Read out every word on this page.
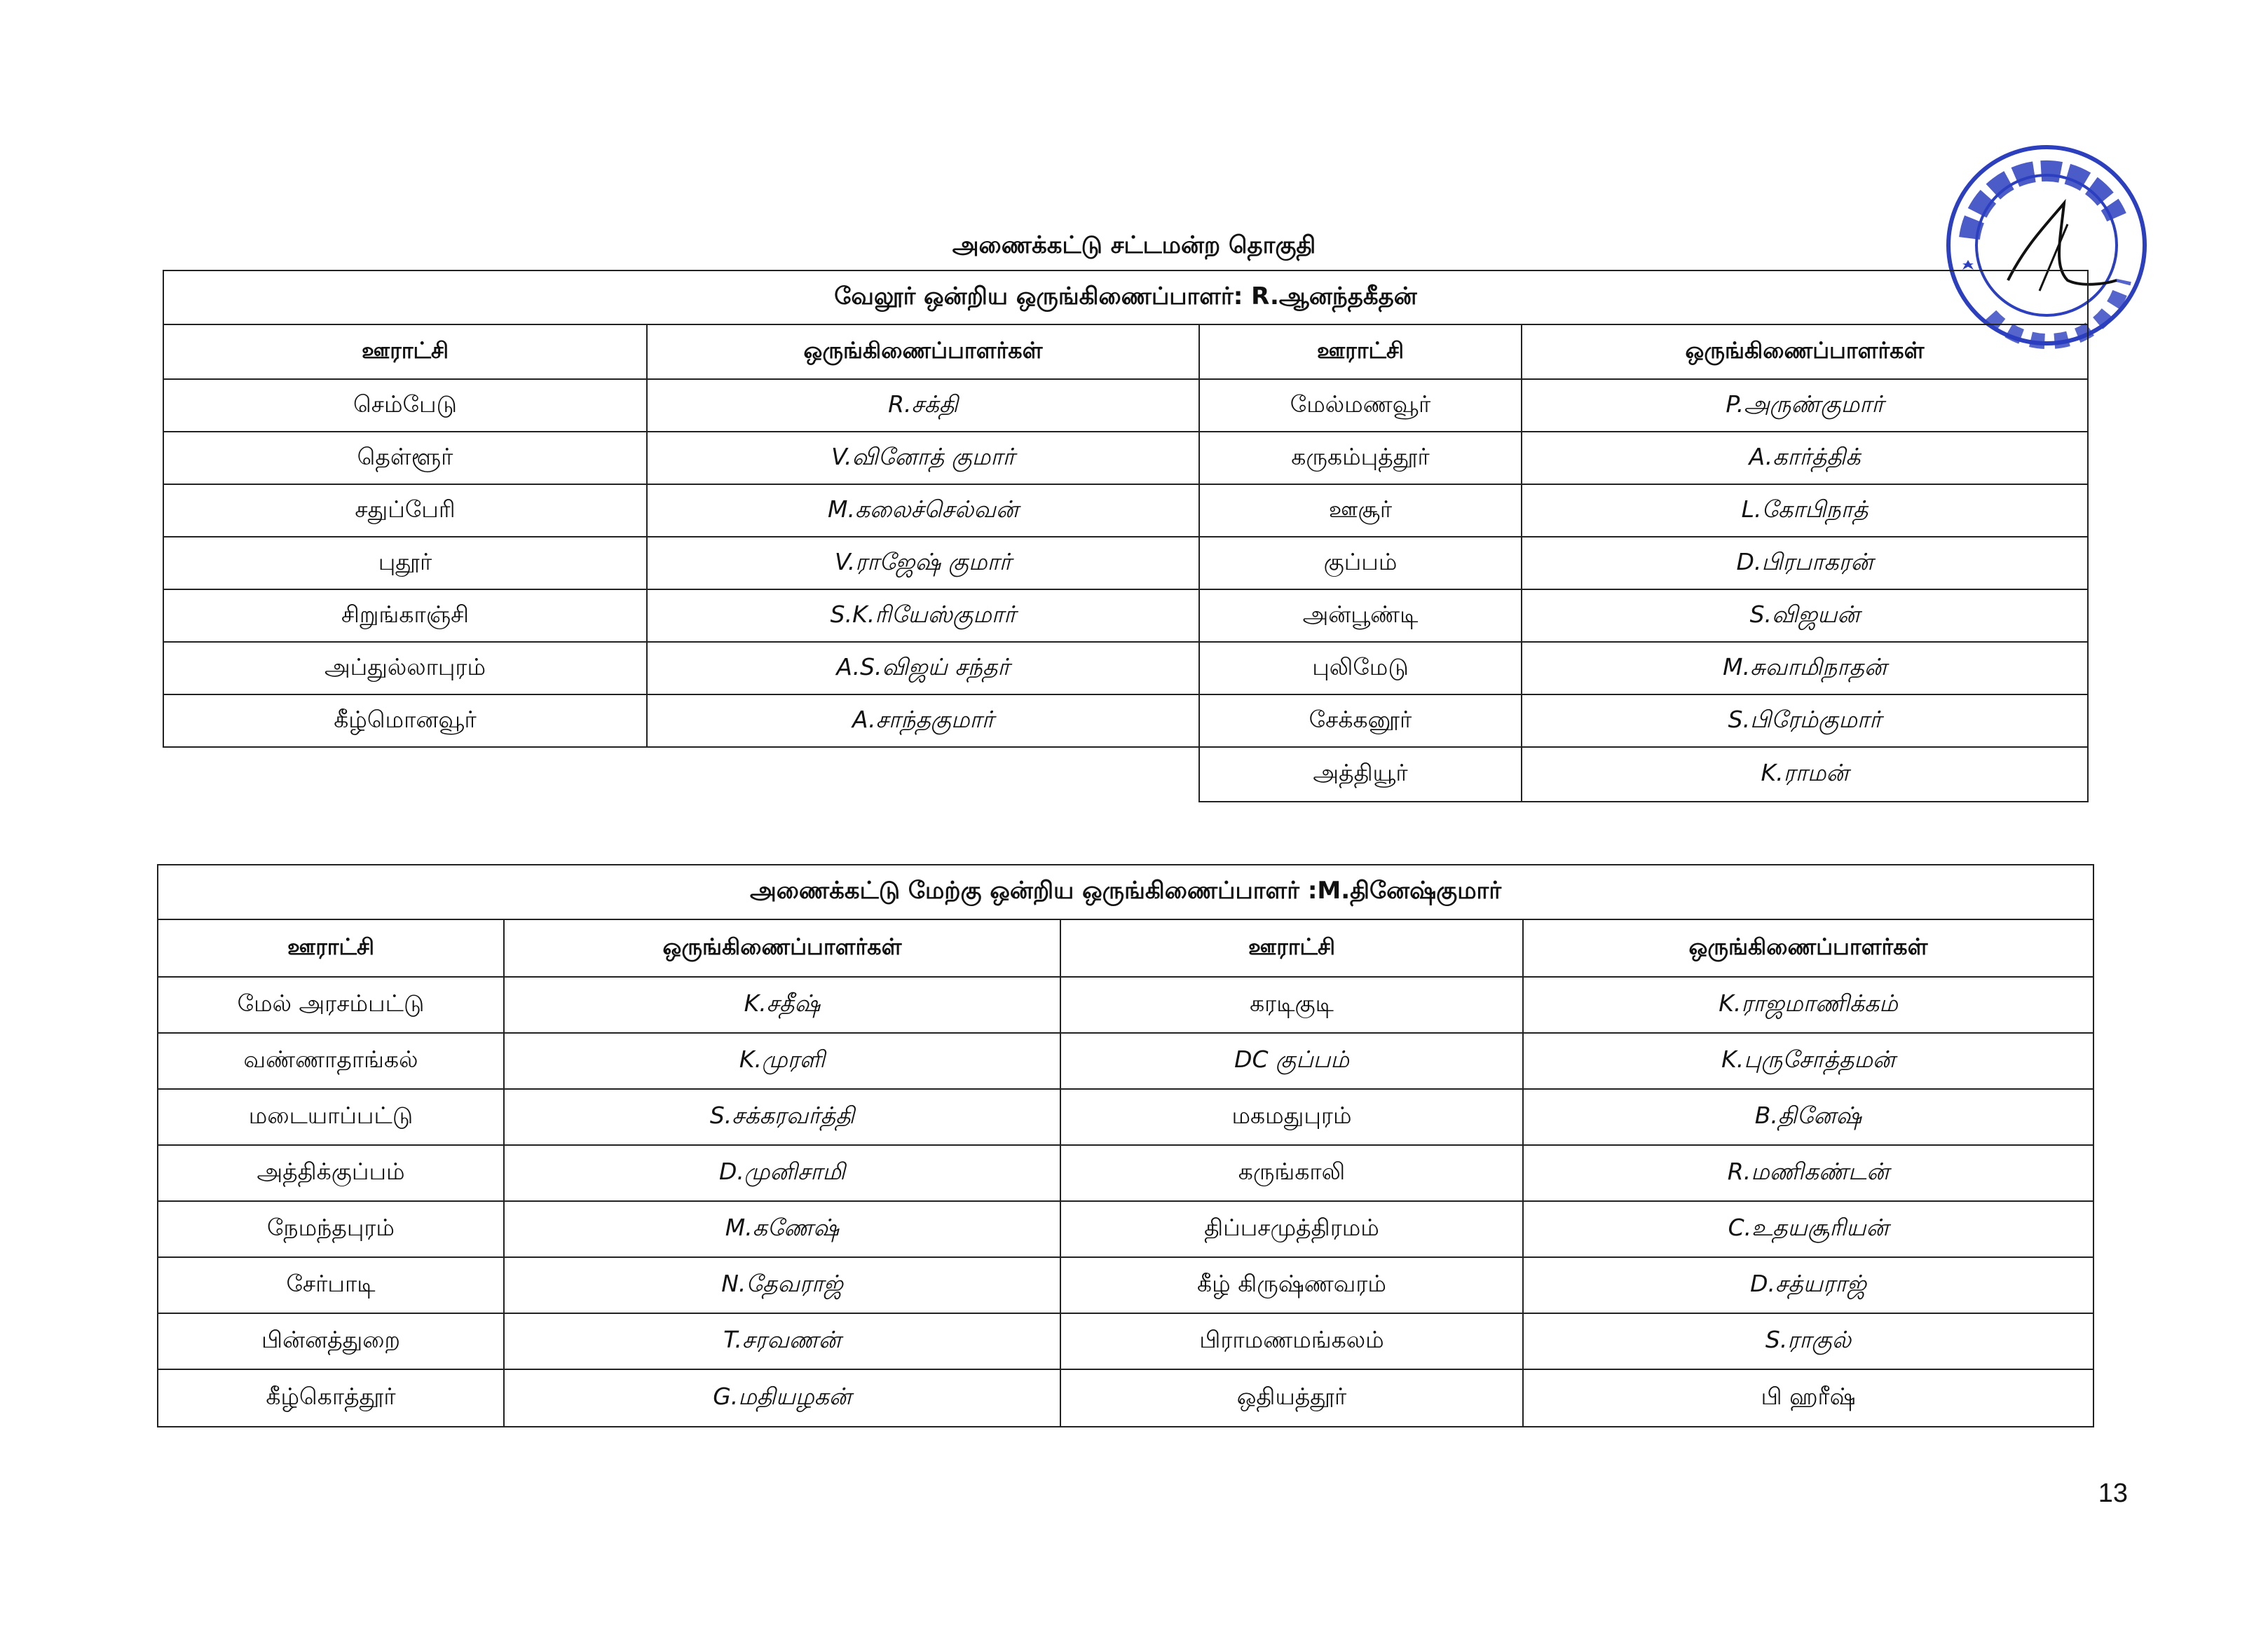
அணைக்கட்டு சட்டமன்ற தொகுதி
வேலூர் ஒன்றிய ஒருங்கிணைப்பாளர்: R.ஆனந்தகீதன்			
ஊராட்சி	ஒருங்கிணைப்பாளர்கள்	ஊராட்சி	ஒருங்கிணைப்பாளர்கள்
செம்பேடு	R.சக்தி	மேல்மணவூர்	P.அருண்குமார்
தெள்ளூர்	V.வினோத் குமார்	கருகம்புத்தூர்	A.கார்த்திக்
சதுப்பேரி	M.கலைச்செல்வன்	ஊசூர்	L.கோபிநாத்
புதூர்	V.ராஜேஷ் குமார்	குப்பம்	D.பிரபாகரன்
சிறுங்காஞ்சி	S.K.ரியேஸ்குமார்	அன்பூண்டி	S.விஜயன்
அப்துல்லாபுரம்	A.S.விஜய் சந்தர்	புலிமேடு	M.சுவாமிநாதன்
கீழ்மொனவூர்	A.சாந்தகுமார்	சேக்கனூர்	S.பிரேம்குமார்
		அத்தியூர்	K.ராமன்
அணைக்கட்டு மேற்கு ஒன்றிய ஒருங்கிணைப்பாளர் :M.தினேஷ்குமார்			
ஊராட்சி	ஒருங்கிணைப்பாளர்கள்	ஊராட்சி	ஒருங்கிணைப்பாளர்கள்
மேல் அரசம்பட்டு	K.சதீஷ்	கரடிகுடி	K.ராஜமாணிக்கம்
வண்ணாதாங்கல்	K.முரளி	DC குப்பம்	K.புருசோத்தமன்
மடையாப்பட்டு	S.சக்கரவர்த்தி	மகமதுபுரம்	B.தினேஷ்
அத்திக்குப்பம்	D.முனிசாமி	கருங்காலி	R.மணிகண்டன்
நேமந்தபுரம்	M.கணேஷ்	திப்பசமுத்திரமம்	C.உதயசூரியன்
சேர்பாடி	N.தேவராஜ்	கீழ் கிருஷ்ணவரம்	D.சத்யராஜ்
பின்னத்துறை	T.சரவணன்	பிராமணமங்கலம்	S.ராகுல்
கீழ்கொத்தூர்	G.மதியழகன்	ஒதியத்தூர்	பி ஹரீஷ்
13
